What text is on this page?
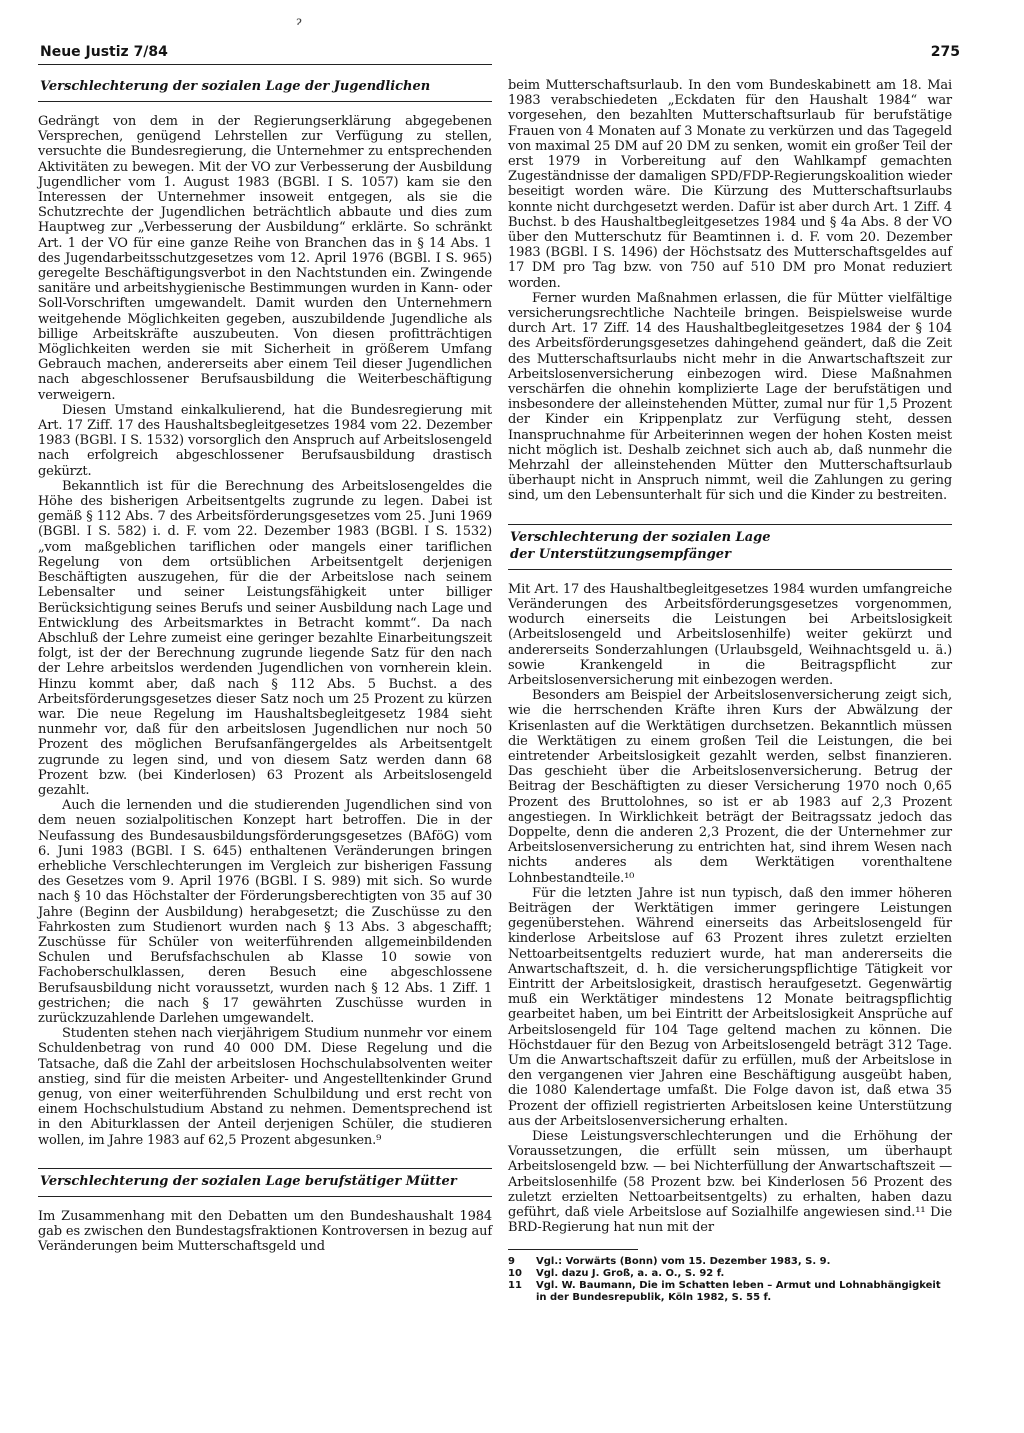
ɂ
Neue Justiz 7/84	275
Verschlechterung der sozialen Lage der Jugendlichen

Gedrängt von dem in der Regierungserklärung abgegebenen Versprechen, genügend Lehrstellen zur Verfügung zu stellen, versuchte die Bundesregierung, die Unternehmer zu entsprechenden Aktivitäten zu bewegen. Mit der VO zur Verbesserung der Ausbildung Jugendlicher vom 1. August 1983 (BGBl. I S. 1057) kam sie den Interessen der Unternehmer insoweit entgegen, als sie die Schutzrechte der Jugendlichen beträchtlich abbaute und dies zum Hauptweg zur „Verbesserung der Ausbildung“ erklärte. So schränkt Art. 1 der VO für eine ganze Reihe von Branchen das in § 14 Abs. 1 des Jugendarbeitsschutzgesetzes vom 12. April 1976 (BGBl. I S. 965) geregelte Beschäftigungsverbot in den Nachtstunden ein. Zwingende sanitäre und arbeitshygienische Bestimmungen wurden in Kann- oder Soll-Vorschriften umgewandelt. Damit wurden den Unternehmern weitgehende Möglichkeiten gegeben, auszubildende Jugendliche als billige Arbeitskräfte auszubeuten. Von diesen profitträchtigen Möglichkeiten werden sie mit Sicherheit in größerem Umfang Gebrauch machen, andererseits aber einem Teil dieser Jugendlichen nach abgeschlossener Berufsausbildung die Weiterbeschäftigung verweigern.

Diesen Umstand einkalkulierend, hat die Bundesregierung mit Art. 17 Ziff. 17 des Haushaltsbegleitgesetzes 1984 vom 22. Dezember 1983 (BGBl. I S. 1532) vorsorglich den Anspruch auf Arbeitslosengeld nach erfolgreich abgeschlossener Berufsausbildung drastisch gekürzt.

Bekanntlich ist für die Berechnung des Arbeitslosengeldes die Höhe des bisherigen Arbeitsentgelts zugrunde zu legen. Dabei ist gemäß § 112 Abs. 7 des Arbeitsförderungsgesetzes vom 25. Juni 1969 (BGBl. I S. 582) i. d. F. vom 22. Dezember 1983 (BGBl. I S. 1532) „vom maßgeblichen tariflichen oder mangels einer tariflichen Regelung von dem ortsüblichen Arbeitsentgelt derjenigen Beschäftigten auszugehen, für die der Arbeitslose nach seinem Lebensalter und seiner Leistungsfähigkeit unter billiger Berücksichtigung seines Berufs und seiner Ausbildung nach Lage und Entwicklung des Arbeitsmarktes in Betracht kommt“. Da nach Abschluß der Lehre zumeist eine geringer bezahlte Einarbeitungszeit folgt, ist der der Berechnung zugrunde liegende Satz für den nach der Lehre arbeitslos werdenden Jugendlichen von vornherein klein. Hinzu kommt aber, daß nach § 112 Abs. 5 Buchst. a des Arbeitsförderungsgesetzes dieser Satz noch um 25 Prozent zu kürzen war. Die neue Regelung im Haushaltsbegleitgesetz 1984 sieht nunmehr vor, daß für den arbeitslosen Jugendlichen nur noch 50 Prozent des möglichen Berufsanfängergeldes als Arbeitsentgelt zugrunde zu legen sind, und von diesem Satz werden dann 68 Prozent bzw. (bei Kinderlosen) 63 Prozent als Arbeitslosengeld gezahlt.

Auch die lernenden und die studierenden Jugendlichen sind von dem neuen sozialpolitischen Konzept hart betroffen. Die in der Neufassung des Bundesausbildungsförderungsgesetzes (BAföG) vom 6. Juni 1983 (BGBl. I S. 645) enthaltenen Veränderungen bringen erhebliche Verschlechterungen im Vergleich zur bisherigen Fassung des Gesetzes vom 9. April 1976 (BGBl. I S. 989) mit sich. So wurde nach § 10 das Höchstalter der Förderungsberechtigten von 35 auf 30 Jahre (Beginn der Ausbildung) herabgesetzt; die Zuschüsse zu den Fahrkosten zum Studienort wurden nach § 13 Abs. 3 abgeschafft; Zuschüsse für Schüler von weiterführenden allgemeinbildenden Schulen und Berufsfachschulen ab Klasse 10 sowie von Fachoberschulklassen, deren Besuch eine abgeschlossene Berufsausbildung nicht voraussetzt, wurden nach § 12 Abs. 1 Ziff. 1 gestrichen; die nach § 17 gewährten Zuschüsse wurden in zurückzuzahlende Darlehen umgewandelt.

Studenten stehen nach vierjährigem Studium nunmehr vor einem Schuldenbetrag von rund 40 000 DM. Diese Regelung und die Tatsache, daß die Zahl der arbeitslosen Hochschulabsolventen weiter anstieg, sind für die meisten Arbeiter- und Angestelltenkinder Grund genug, von einer weiterführenden Schulbildung und erst recht von einem Hochschulstudium Abstand zu nehmen. Dementsprechend ist in den Abiturklassen der Anteil derjenigen Schüler, die studieren wollen, im Jahre 1983 auf 62,5 Prozent abgesunken.⁹

Verschlechterung der sozialen Lage berufstätiger Mütter

Im Zusammenhang mit den Debatten um den Bundeshaushalt 1984 gab es zwischen den Bundestagsfraktionen Kontroversen in bezug auf Veränderungen beim Mutterschaftsgeld und

beim Mutterschaftsurlaub. In den vom Bundeskabinett am 18. Mai 1983 verabschiedeten „Eckdaten für den Haushalt 1984“ war vorgesehen, den bezahlten Mutterschaftsurlaub für berufstätige Frauen von 4 Monaten auf 3 Monate zu verkürzen und das Tagegeld von maximal 25 DM auf 20 DM zu senken, womit ein großer Teil der erst 1979 in Vorbereitung auf den Wahlkampf gemachten Zugeständnisse der damaligen SPD/FDP-Regierungskoalition wieder beseitigt worden wäre. Die Kürzung des Mutterschaftsurlaubs konnte nicht durchgesetzt werden. Dafür ist aber durch Art. 1 Ziff. 4 Buchst. b des Haushaltbegleitgesetzes 1984 und § 4a Abs. 8 der VO über den Mutterschutz für Beamtinnen i. d. F. vom 20. Dezember 1983 (BGBl. I S. 1496) der Höchstsatz des Mutterschaftsgeldes auf 17 DM pro Tag bzw. von 750 auf 510 DM pro Monat reduziert worden.

Ferner wurden Maßnahmen erlassen, die für Mütter vielfältige versicherungsrechtliche Nachteile bringen. Beispielsweise wurde durch Art. 17 Ziff. 14 des Haushaltbegleitgesetzes 1984 der § 104 des Arbeitsförderungsgesetzes dahingehend geändert, daß die Zeit des Mutterschaftsurlaubs nicht mehr in die Anwartschaftszeit zur Arbeitslosenversicherung einbezogen wird. Diese Maßnahmen verschärfen die ohnehin komplizierte Lage der berufstätigen und insbesondere der alleinstehenden Mütter, zumal nur für 1,5 Prozent der Kinder ein Krippenplatz zur Verfügung steht, dessen Inanspruchnahme für Arbeiterinnen wegen der hohen Kosten meist nicht möglich ist. Deshalb zeichnet sich auch ab, daß nunmehr die Mehrzahl der alleinstehenden Mütter den Mutterschaftsurlaub überhaupt nicht in Anspruch nimmt, weil die Zahlungen zu gering sind, um den Lebensunterhalt für sich und die Kinder zu bestreiten.

Verschlechterung der sozialen Lage
der Unterstützungsempfänger

Mit Art. 17 des Haushaltbegleitgesetzes 1984 wurden umfangreiche Veränderungen des Arbeitsförderungsgesetzes vorgenommen, wodurch einerseits die Leistungen bei Arbeitslosigkeit (Arbeitslosengeld und Arbeitslosenhilfe) weiter gekürzt und andererseits Sonderzahlungen (Urlaubsgeld, Weihnachtsgeld u. ä.) sowie Krankengeld in die Beitragspflicht zur Arbeitslosenversicherung mit einbezogen werden.

Besonders am Beispiel der Arbeitslosenversicherung zeigt sich, wie die herrschenden Kräfte ihren Kurs der Abwälzung der Krisenlasten auf die Werktätigen durchsetzen. Bekanntlich müssen die Werktätigen zu einem großen Teil die Leistungen, die bei eintretender Arbeitslosigkeit gezahlt werden, selbst finanzieren. Das geschieht über die Arbeitslosenversicherung. Betrug der Beitrag der Beschäftigten zu dieser Versicherung 1970 noch 0,65 Prozent des Bruttolohnes, so ist er ab 1983 auf 2,3 Prozent angestiegen. In Wirklichkeit beträgt der Beitragssatz jedoch das Doppelte, denn die anderen 2,3 Prozent, die der Unternehmer zur Arbeitslosenversicherung zu entrichten hat, sind ihrem Wesen nach nichts anderes als dem Werktätigen vorenthaltene Lohnbestandteile.¹⁰

Für die letzten Jahre ist nun typisch, daß den immer höheren Beiträgen der Werktätigen immer geringere Leistungen gegenüberstehen. Während einerseits das Arbeitslosengeld für kinderlose Arbeitslose auf 63 Prozent ihres zuletzt erzielten Nettoarbeitsentgelts reduziert wurde, hat man andererseits die Anwartschaftszeit, d. h. die versicherungspflichtige Tätigkeit vor Eintritt der Arbeitslosigkeit, drastisch heraufgesetzt. Gegenwärtig muß ein Werktätiger mindestens 12 Monate beitragspflichtig gearbeitet haben, um bei Eintritt der Arbeitslosigkeit Ansprüche auf Arbeitslosengeld für 104 Tage geltend machen zu können. Die Höchstdauer für den Bezug von Arbeitslosengeld beträgt 312 Tage. Um die Anwartschaftszeit dafür zu erfüllen, muß der Arbeitslose in den vergangenen vier Jahren eine Beschäftigung ausgeübt haben, die 1080 Kalendertage umfaßt. Die Folge davon ist, daß etwa 35 Prozent der offiziell registrierten Arbeitslosen keine Unterstützung aus der Arbeitslosenversicherung erhalten.

Diese Leistungsverschlechterungen und die Erhöhung der Voraussetzungen, die erfüllt sein müssen, um überhaupt Arbeitslosengeld bzw. — bei Nichterfüllung der Anwartschaftszeit — Arbeitslosenhilfe (58 Prozent bzw. bei Kinderlosen 56 Prozent des zuletzt erzielten Nettoarbeitsentgelts) zu erhalten, haben dazu geführt, daß viele Arbeitslose auf Sozialhilfe angewiesen sind.¹¹ Die BRD-Regierung hat nun mit der

9	Vgl.: Vorwärts (Bonn) vom 15. Dezember 1983, S. 9.
10	Vgl. dazu J. Groß, a. a. O., S. 92 f.
11	Vgl. W. Baumann, Die im Schatten leben – Armut und Lohnabhängigkeit in der Bundesrepublik, Köln 1982, S. 55 f.
